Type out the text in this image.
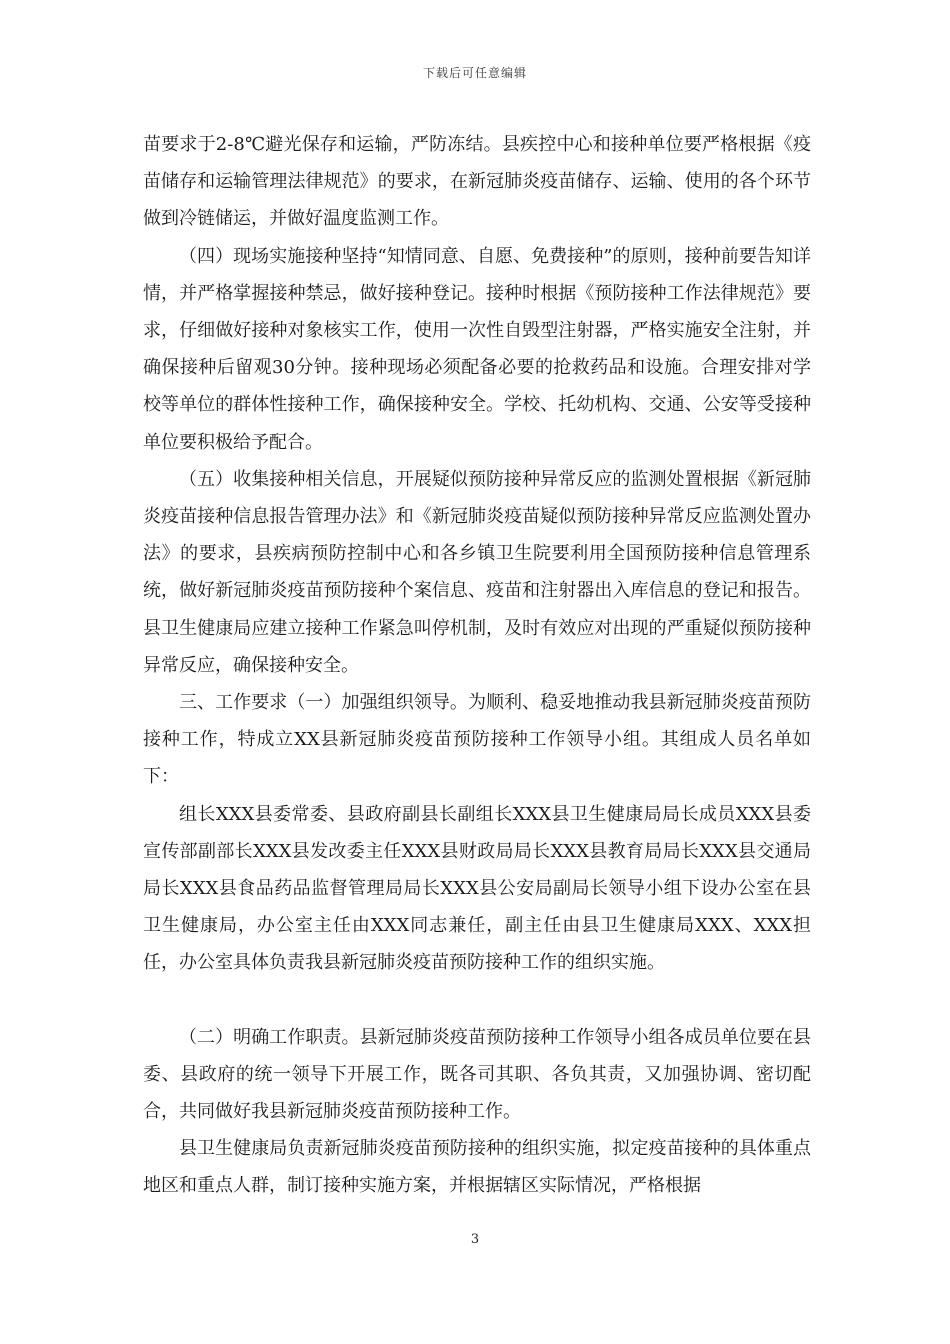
下载后可任意编辑

苗要求于2-8℃避光保存和运输，严防冻结。县疾控中心和接种单位要严格根据《疫苗储存和运输管理法律规范》的要求，在新冠肺炎疫苗储存、运输、使用的各个环节做到冷链储运，并做好温度监测工作。

（四）现场实施接种坚持“知情同意、自愿、免费接种”的原则，接种前要告知详情，并严格掌握接种禁忌，做好接种登记。接种时根据《预防接种工作法律规范》要求，仔细做好接种对象核实工作，使用一次性自毁型注射器，严格实施安全注射，并确保接种后留观30分钟。接种现场必须配备必要的抢救药品和设施。合理安排对学校等单位的群体性接种工作，确保接种安全。学校、托幼机构、交通、公安等受接种单位要积极给予配合。

（五）收集接种相关信息，开展疑似预防接种异常反应的监测处置根据《新冠肺炎疫苗接种信息报告管理办法》和《新冠肺炎疫苗疑似预防接种异常反应监测处置办法》的要求，县疾病预防控制中心和各乡镇卫生院要利用全国预防接种信息管理系统，做好新冠肺炎疫苗预防接种个案信息、疫苗和注射器出入库信息的登记和报告。县卫生健康局应建立接种工作紧急叫停机制，及时有效应对出现的严重疑似预防接种异常反应，确保接种安全。

三、工作要求（一）加强组织领导。为顺利、稳妥地推动我县新冠肺炎疫苗预防接种工作，特成立XX县新冠肺炎疫苗预防接种工作领导小组。其组成人员名单如下：

组长XXX县委常委、县政府副县长副组长XXX县卫生健康局局长成员XXX县委宣传部副部长XXX县发改委主任XXX县财政局局长XXX县教育局局长XXX县交通局局长XXX县食品药品监督管理局局长XXX县公安局副局长领导小组下设办公室在县卫生健康局，办公室主任由XXX同志兼任，副主任由县卫生健康局XXX、XXX担任，办公室具体负责我县新冠肺炎疫苗预防接种工作的组织实施。

（二）明确工作职责。县新冠肺炎疫苗预防接种工作领导小组各成员单位要在县委、县政府的统一领导下开展工作，既各司其职、各负其责，又加强协调、密切配合，共同做好我县新冠肺炎疫苗预防接种工作。

县卫生健康局负责新冠肺炎疫苗预防接种的组织实施，拟定疫苗接种的具体重点地区和重点人群，制订接种实施方案，并根据辖区实际情况，严格根据

3
